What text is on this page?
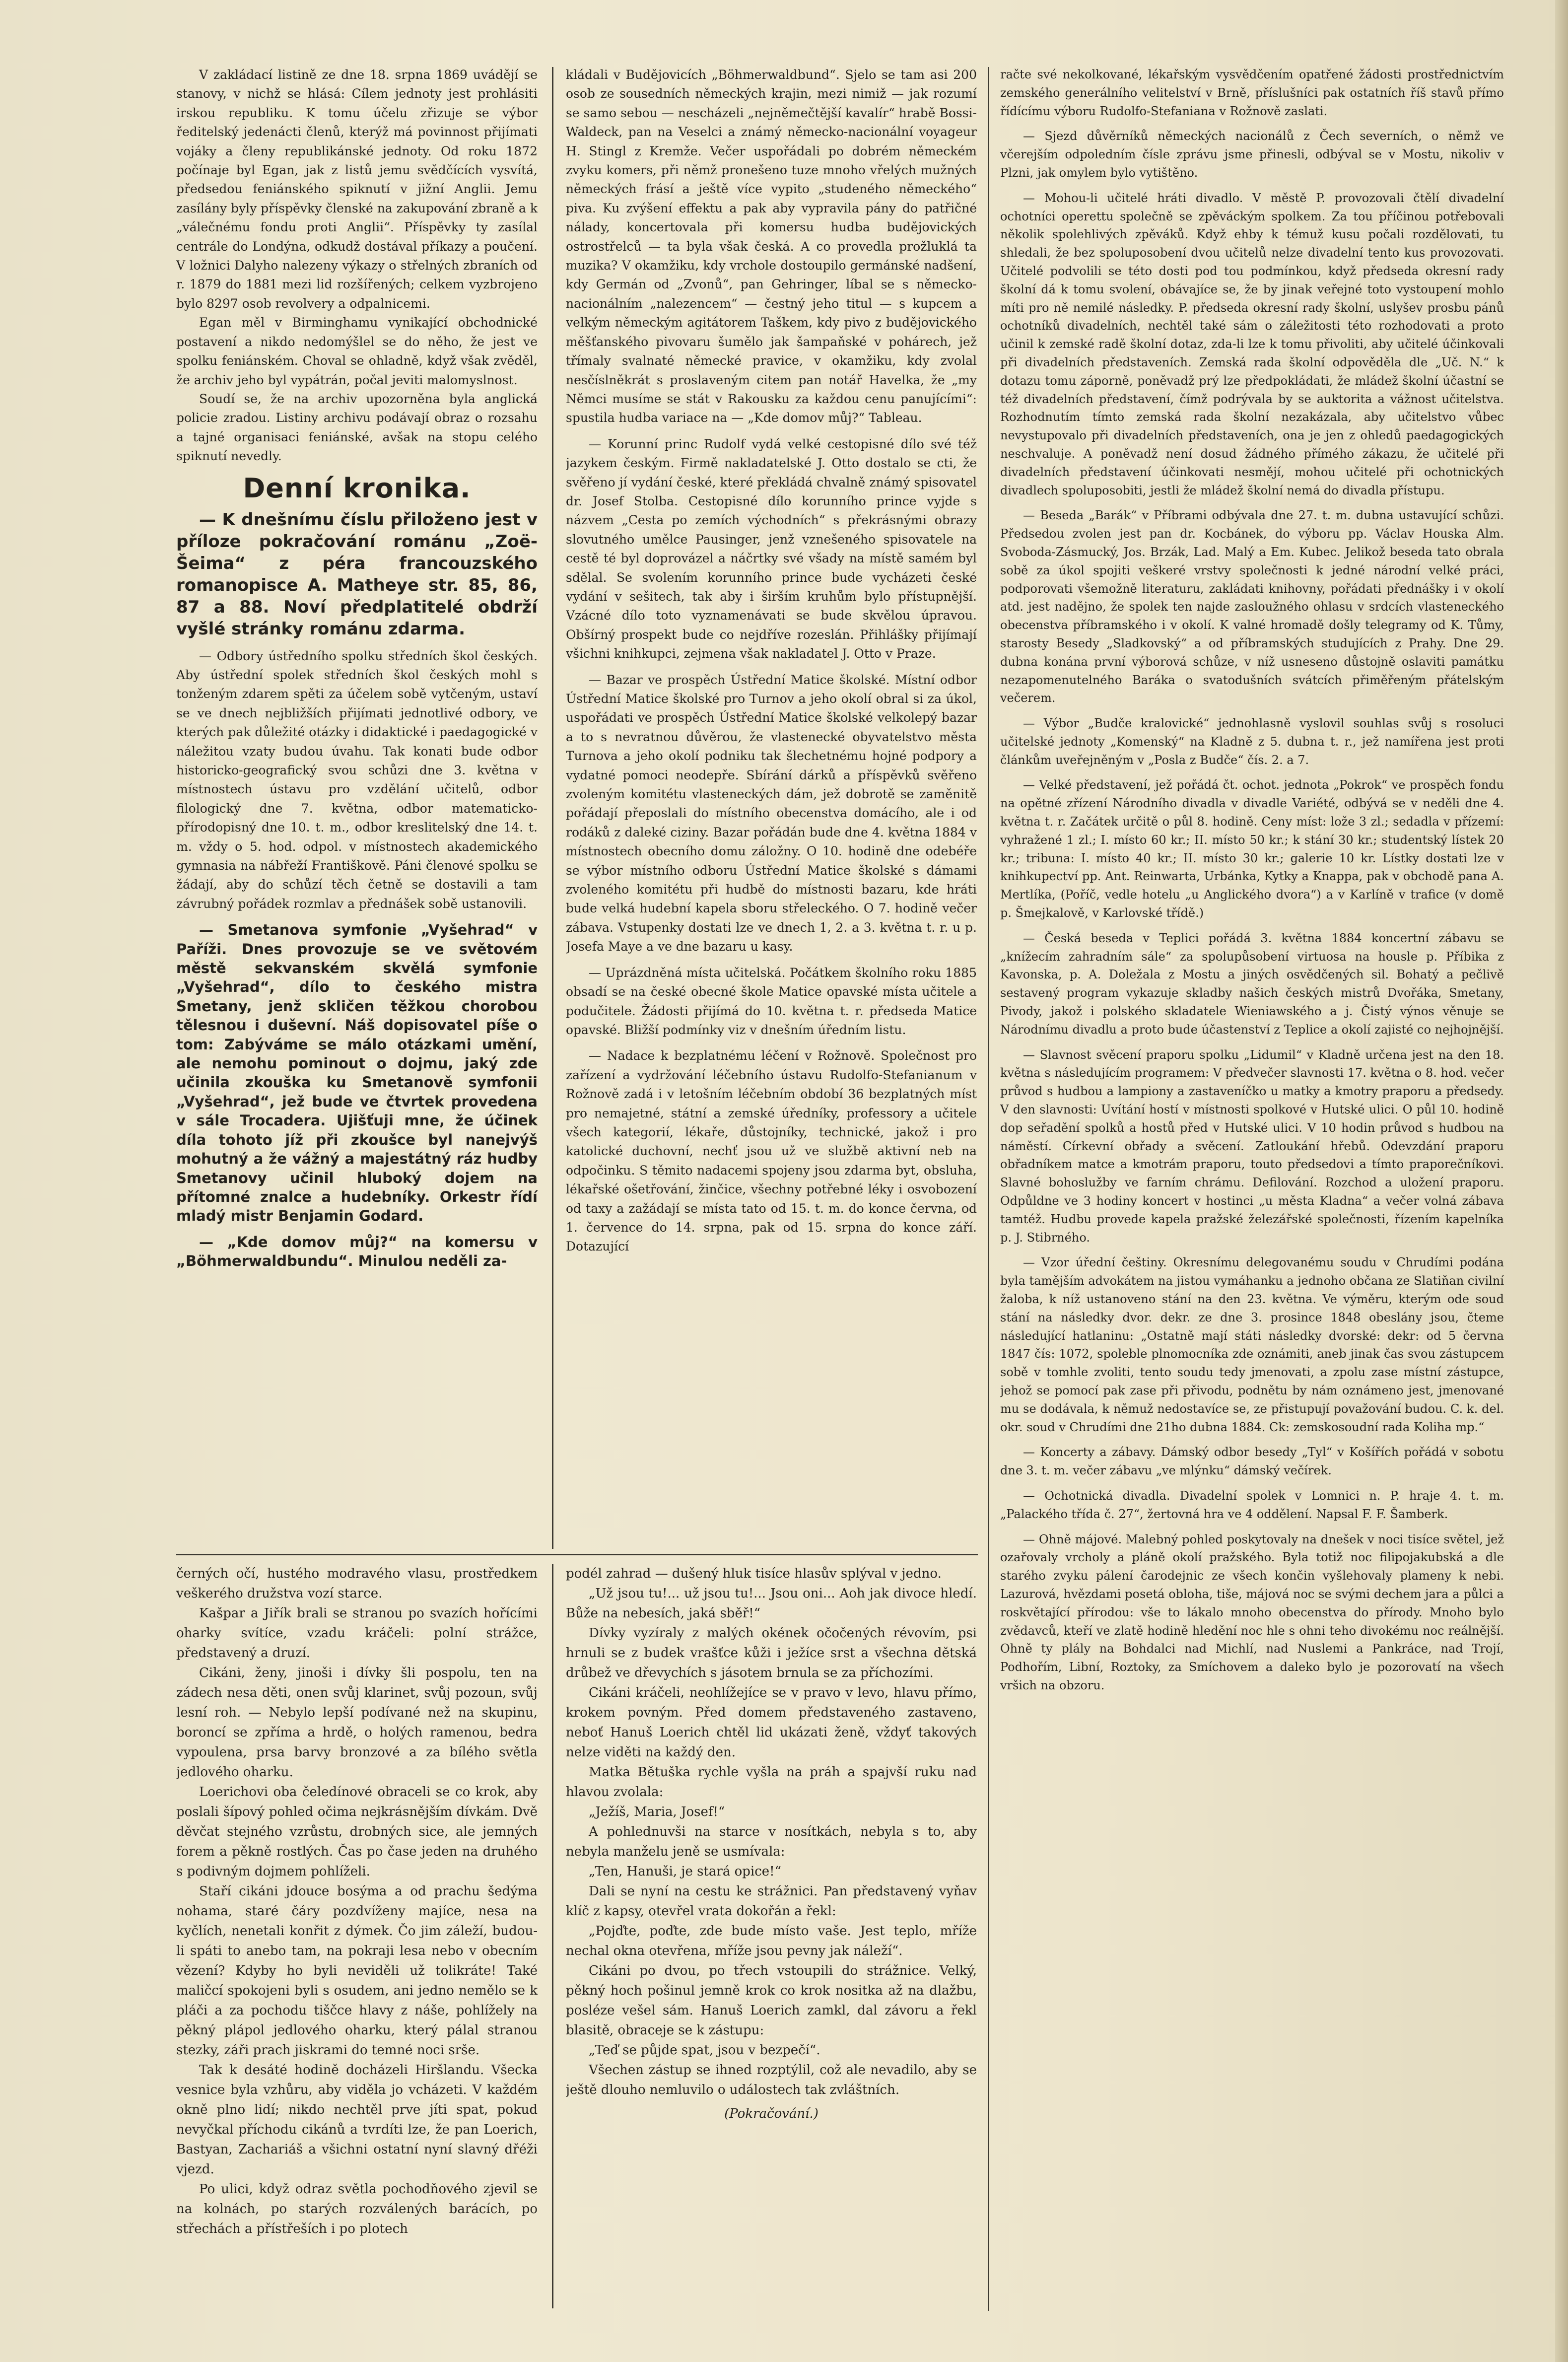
V zakládací listině ze dne 18. srpna 1869 uvádějí se stanovy, v nichž se hlásá: Cílem jednoty jest prohlásiti irskou republiku. K tomu účelu zřizuje se výbor ředitelský jedenácti členů, kterýž má povinnost přijímati vojáky a členy republikánské jednoty. Od roku 1872 počínaje byl Egan, jak z listů jemu svědčících vysvítá, předsedou feniánského spiknutí v jižní Anglii. Jemu zasílány byly příspěvky členské na zakupování zbraně a k „válečnému fondu proti Anglii“. Příspěvky ty zasílal centrále do Londýna, odkudž dostával příkazy a poučení. V ložnici Dalyho nalezeny výkazy o střelných zbraních od r. 1879 do 1881 mezi lid rozšířených; celkem vyzbrojeno bylo 8297 osob revolvery a odpalnicemi.

Egan měl v Birminghamu vynikající obchodnické postavení a nikdo nedomýšlel se do něho, že jest ve spolku feniánském. Choval se ohladně, když však zvěděl, že archiv jeho byl vypátrán, počal jeviti malomyslnost.

Soudí se, že na archiv upozorněna byla anglická policie zradou. Listiny archivu podávají obraz o rozsahu a tajné organisaci feniánské, avšak na stopu celého spiknutí nevedly.

Denní kronika.

— K dnešnímu číslu přiloženo jest v příloze pokračování románu „Zoë-Šeima“ z péra francouzského romanopisce A. Matheye str. 85, 86, 87 a 88. Noví předplatitelé obdrží vyšlé stránky románu zdarma.

— Odbory ústředního spolku středních škol českých. Aby ústřední spolek středních škol českých mohl s tonženým zdarem spěti za účelem sobě vytčeným, ustaví se ve dnech nejbližších přijímati jednotlivé odbory, ve kterých pak důležité otázky i didaktické i paedagogické v náležitou vzaty budou úvahu. Tak konati bude odbor historicko-geografický svou schůzi dne 3. května v místnostech ústavu pro vzdělání učitelů, odbor filologický dne 7. května, odbor matematicko-přírodopisný dne 10. t. m., odbor kreslitelský dne 14. t. m. vždy o 5. hod. odpol. v místnostech akademického gymnasia na nábřeží Františkově. Páni členové spolku se žádají, aby do schůzí těch četně se dostavili a tam závrubný pořádek rozmlav a přednášek sobě ustanovili.

— Smetanova symfonie „Vyšehrad“ v Paříži. Dnes provozuje se ve světovém městě sekvanském skvělá symfonie „Vyšehrad“, dílo to českého mistra Smetany, jenž skličen těžkou chorobou tělesnou i duševní. Náš dopisovatel píše o tom: Zabýváme se málo otázkami umění, ale nemohu pominout o dojmu, jaký zde učinila zkouška ku Smetanově symfonii „Vyšehrad“, jež bude ve čtvrtek provedena v sále Trocadera. Ujišťuji mne, že účinek díla tohoto jíž při zkoušce byl nanejvýš mohutný a že vážný a majestátný ráz hudby Smetanovy učinil hluboký dojem na přítomné znalce a hudebníky. Orkestr řídí mladý mistr Benjamin Godard.

— „Kde domov můj?“ na komersu v „Böhmerwaldbundu“. Minulou neděli za-

kládali v Budějovicích „Böhmerwaldbund“. Sjelo se tam asi 200 osob ze sousedních německých krajin, mezi nimiž — jak rozumí se samo sebou — nescházeli „nejněmečtější kavalír“ hrabě Bossi-Waldeck, pan na Veselci a známý německo-nacionální voyageur H. Stingl z Kremže. Večer uspořádali po dobrém německém zvyku komers, při němž pronešeno tuze mnoho vřelých mužných německých frásí a ještě více vypito „studeného německého“ piva. Ku zvýšení effektu a pak aby vypravila pány do patřičné nálady, koncertovala při komersu hudba budějovických ostrostřelců — ta byla však česká. A co provedla prožluklá ta muzika? V okamžiku, kdy vrchole dostoupilo germánské nadšení, kdy Germán od „Zvonů“, pan Gehringer, líbal se s německo-nacionálním „nalezencem“ — čestný jeho titul — s kupcem a velkým německým agitátorem Taškem, kdy pivo z budějovického měšťanského pivovaru šumělo jak šampaňské v pohárech, jež třímaly svalnaté německé pravice, v okamžiku, kdy zvolal nesčíslněkrát s proslaveným citem pan notář Havelka, že „my Němci musíme se stát v Rakousku za každou cenu panujícími“: spustila hudba variace na — „Kde domov můj?“ Tableau.

— Korunní princ Rudolf vydá velké cestopisné dílo své též jazykem českým. Firmě nakladatelské J. Otto dostalo se cti, že svěřeno jí vydání české, které překládá chvalně známý spisovatel dr. Josef Stolba. Cestopisné dílo korunního prince vyjde s názvem „Cesta po zemích východních“ s překrásnými obrazy slovutného umělce Pausinger, jenž vznešeného spisovatele na cestě té byl doprovázel a náčrtky své všady na místě samém byl sdělal. Se svolením korunního prince bude vycházeti české vydání v sešitech, tak aby i širším kruhům bylo přístupnější. Vzácné dílo toto vyznamenávati se bude skvělou úpravou. Obšírný prospekt bude co nejdříve rozeslán. Přihlášky přijímají všichni knihkupci, zejmena však nakladatel J. Otto v Praze.

— Bazar ve prospěch Ústřední Matice školské. Místní odbor Ústřední Matice školské pro Turnov a jeho okolí obral si za úkol, uspořádati ve prospěch Ústřední Matice školské velkolepý bazar a to s nevratnou důvěrou, že vlastenecké obyvatelstvo města Turnova a jeho okolí podniku tak šlechetnému hojné podpory a vydatné pomoci neodepře. Sbírání dárků a příspěvků svěřeno zvoleným komitétu vlasteneckých dám, jež dobrotě se zaměnitě pořádají přeposlali do místního obecenstva domácího, ale i od rodáků z daleké ciziny. Bazar pořádán bude dne 4. května 1884 v místnostech obecního domu záložny. O 10. hodině dne odebéře se výbor místního odboru Ústřední Matice školské s dámami zvoleného komitétu při hudbě do místnosti bazaru, kde hráti bude velká hudební kapela sboru střeleckého. O 7. hodině večer zábava. Vstupenky dostati lze ve dnech 1, 2. a 3. května t. r. u p. Josefa Maye a ve dne bazaru u kasy.

— Uprázdněná místa učitelská. Počátkem školního roku 1885 obsadí se na české obecné škole Matice opavské místa učitele a podučitele. Žádosti přijímá do 10. května t. r. předseda Matice opavské. Bližší podmínky viz v dnešním úředním listu.

— Nadace k bezplatnému léčení v Rožnově. Společnost pro zařízení a vydržování léčebního ústavu Rudolfo-Stefanianum v Rožnově zadá i v letošním léčebním období 36 bezplatných míst pro nemajetné, státní a zemské úředníky, professory a učitele všech kategorií, lékaře, důstojníky, technické, jakož i pro katolické duchovní, nechť jsou už ve službě aktivní neb na odpočinku. S těmito nadacemi spojeny jsou zdarma byt, obsluha, lékařské ošetřování, žinčice, všechny potřebné léky i osvobození od taxy a zažádají se místa tato od 15. t. m. do konce června, od 1. července do 14. srpna, pak od 15. srpna do konce září. Dotazující

račte své nekolkované, lékařským vysvědčením opatřené žádosti prostřednictvím zemského generálního velitelství v Brně, příslušníci pak ostatních říš stavů přímo řídícímu výboru Rudolfo-Stefaniana v Rožnově zaslati.

— Sjezd důvěrníků německých nacionálů z Čech severních, o němž ve včerejším odpoledním čísle zprávu jsme přinesli, odbýval se v Mostu, nikoliv v Plzni, jak omylem bylo vytištěno.

— Mohou-li učitelé hráti divadlo. V městě P. provozovali čtělí divadelní ochotníci operettu společně se zpěváckým spolkem. Za tou příčinou potřebovali několik spolehlivých zpěváků. Když ehby k témuž kusu počali rozdělovati, tu shledali, že bez spoluposobení dvou učitelů nelze divadelní tento kus provozovati. Učitelé podvolili se této dosti pod tou podmínkou, když předseda okresní rady školní dá k tomu svolení, obávajíce se, že by jinak veřejné toto vystoupení mohlo míti pro ně nemilé následky. P. předseda okresní rady školní, uslyšev prosbu pánů ochotníků divadelních, nechtěl také sám o záležitosti této rozhodovati a proto učinil k zemské radě školní dotaz, zda-li lze k tomu přivoliti, aby učitelé účinkovali při divadelních představeních. Zemská rada školní odpověděla dle „Uč. N.“ k dotazu tomu záporně, poněvadž prý lze předpokládati, že mládež školní účastní se též divadelních představení, čímž podrývala by se auktorita a vážnost učitelstva. Rozhodnutím tímto zemská rada školní nezakázala, aby učitelstvo vůbec nevystupovalo při divadelních představeních, ona je jen z ohledů paedagogických neschvaluje. A poněvadž není dosud žádného přímého zákazu, že učitelé při divadelních představení účinkovati nesmějí, mohou učitelé při ochotnických divadlech spoluposobiti, jestli že mládež školní nemá do divadla přístupu.

— Beseda „Barák“ v Příbrami odbývala dne 27. t. m. dubna ustavující schůzi. Předsedou zvolen jest pan dr. Kocbánek, do výboru pp. Václav Houska Alm. Svoboda-Zásmucký, Jos. Brzák, Lad. Malý a Em. Kubec. Jelikož beseda tato obrala sobě za úkol spojiti veškeré vrstvy společnosti k jedné národní velké práci, podporovati všemožně literaturu, zakládati knihovny, pořádati přednášky i v okolí atd. jest nadějno, že spolek ten najde zasloužného ohlasu v srdcích vlasteneckého obecenstva příbramského i v okolí. K valné hromadě došly telegramy od K. Tůmy, starosty Besedy „Sladkovský“ a od příbramských studujících z Prahy. Dne 29. dubna konána první výborová schůze, v níž usneseno důstojně oslaviti památku nezapomenutelného Baráka o svatodušních svátcích přiměřeným přátelským večerem.

— Výbor „Budče kralovické“ jednohlasně vyslovil souhlas svůj s rosoluci učitelské jednoty „Komenský“ na Kladně z 5. dubna t. r., jež namířena jest proti článkům uveřejněným v „Posla z Budče“ čís. 2. a 7.

— Velké představení, jež pořádá čt. ochot. jednota „Pokrok“ ve prospěch fondu na opětné zřízení Národního divadla v divadle Variété, odbývá se v neděli dne 4. května t. r. Začátek určitě o půl 8. hodině. Ceny míst: lože 3 zl.; sedadla v přízemí: vyhražené 1 zl.; I. místo 60 kr.; II. místo 50 kr.; k stání 30 kr.; studentský lístek 20 kr.; tribuna: I. místo 40 kr.; II. místo 30 kr.; galerie 10 kr. Lístky dostati lze v knihkupectví pp. Ant. Reinwarta, Urbánka, Kytky a Knappa, pak v obchodě pana A. Mertlíka, (Poříč, vedle hotelu „u Anglického dvora“) a v Karlíně v trafice (v domě p. Šmejkalově, v Karlovské třídě.)

— Česká beseda v Teplici pořádá 3. května 1884 koncertní zábavu se „knížecím zahradním sále“ za spolupůsobení virtuosa na housle p. Příbika z Kavonska, p. A. Doležala z Mostu a jiných osvědčených sil. Bohatý a pečlivě sestavený program vykazuje skladby našich českých mistrů Dvořáka, Smetany, Pivody, jakož i polského skladatele Wieniawského a j. Čistý výnos věnuje se Národnímu divadlu a proto bude účastenství z Teplice a okolí zajisté co nejhojnější.

— Slavnost svěcení praporu spolku „Lidumil“ v Kladně určena jest na den 18. května s následujícím programem: V předvečer slavnosti 17. května o 8. hod. večer průvod s hudbou a lampiony a zastaveníčko u matky a kmotry praporu a předsedy. V den slavnosti: Uvítání hostí v místnosti spolkové v Hutské ulici. O půl 10. hodině dop seřadění spolků a hostů před v Hutské ulici. V 10 hodin průvod s hudbou na náměstí. Církevní obřady a svěcení. Zatloukání hřebů. Odevzdání praporu obřadníkem matce a kmotrám praporu, touto předsedovi a tímto praporečníkovi. Slavné bohoslužby ve farním chrámu. Defilování. Rozchod a uložení praporu. Odpůldne ve 3 hodiny koncert v hostinci „u města Kladna“ a večer volná zábava tamtéž. Hudbu provede kapela pražské železářské společnosti, řízením kapelníka p. J. Stibrného.

— Vzor úřední češtiny. Okresnímu delegovanému soudu v Chrudími podána byla tamějším advokátem na jistou vymáhanku a jednoho občana ze Slatiňan civilní žaloba, k níž ustanoveno stání na den 23. května. Ve výměru, kterým ode soud stání na následky dvor. dekr. ze dne 3. prosince 1848 obeslány jsou, čteme následující hatlaninu: „Ostatně mají státi následky dvorské: dekr: od 5 června 1847 čís: 1072, spoleble plnomocníka zde oznámiti, aneb jinak čas svou zástupcem sobě v tomhle zvoliti, tento soudu tedy jmenovati, a zpolu zase místní zástupce, jehož se pomocí pak zase při přivodu, podnětu by nám oznámeno jest, jmenované mu se dodávala, k němuž nedostavíce se, ze přistupují považování budou. C. k. del. okr. soud v Chrudími dne 21ho dubna 1884. Ck: zemskosoudní rada Koliha mp.“

— Koncerty a zábavy. Dámský odbor besedy „Tyl“ v Košířích pořádá v sobotu dne 3. t. m. večer zábavu „ve mlýnku“ dámský večírek.

— Ochotnická divadla. Divadelní spolek v Lomnici n. P. hraje 4. t. m. „Palackého třída č. 27“, žertovná hra ve 4 oddělení. Napsal F. F. Šamberk.

— Ohně májové. Malebný pohled poskytovaly na dnešek v noci tisíce světel, jež ozařovaly vrcholy a pláně okolí pražského. Byla totiž noc filipojakubská a dle starého zvyku pálení čarodejnic ze všech končin vyšlehovaly plameny k nebi. Lazurová, hvězdami posetá obloha, tiše, májová noc se svými dechem jara a půlci a roskvětající přírodou: vše to lákalo mnoho obecenstva do přírody. Mnoho bylo zvědavců, kteří ve zlatě hodině hledění noc hle s ohni teho divokému noc reálnější. Ohně ty plály na Bohdalci nad Michlí, nad Nuslemi a Pankráce, nad Trojí, Podhořím, Libní, Roztoky, za Smíchovem a daleko bylo je pozorovatí na všech vršich na obzoru.

černých očí, hustého modravého vlasu, prostředkem veškerého družstva vozí starce.

Kašpar a Jiřík brali se stranou po svazích hořícími oharky svítíce, vzadu kráčeli: polní strážce, představený a druzí.

Cikáni, ženy, jinoši i dívky šli pospolu, ten na zádech nesa děti, onen svůj klarinet, svůj pozoun, svůj lesní roh. — Nebylo lepší podívané než na skupinu, boroncí se zpříma a hrdě, o holých ramenou, bedra vypoulena, prsa barvy bronzové a za bílého světla jedlového oharku.

Loerichovi oba čeledínové obraceli se co krok, aby poslali šípový pohled očima nejkrásnějším dívkám. Dvě děvčat stejného vzrůstu, drobných sice, ale jemných forem a pěkně rostlých. Čas po čase jeden na druhého s podivným dojmem pohlíželi.

Staří cikáni jdouce bosýma a od prachu šedýma nohama, staré čáry pozdvíženy majíce, nesa na kyčlích, nenetali konřit z dýmek. Čo jim záleží, budou-li spáti to anebo tam, na pokraji lesa nebo v obecním vězení? Kdyby ho byli neviděli už tolikráte! Také maličcí spokojeni byli s osudem, ani jedno nemělo se k pláči a za pochodu tiščce hlavy z náše, pohlížely na pěkný plápol jedlového oharku, který pálal stranou stezky, záři prach jiskrami do temné noci srše.

Tak k desáté hodině docházeli Hiršlandu. Všecka vesnice byla vzhůru, aby viděla jo vcházeti. V každém okně plno lidí; nikdo nechtěl prve jíti spat, pokud nevyčkal příchodu cikánů a tvrdíti lze, že pan Loerich, Bastyan, Zachariáš a všichni ostatní nyní slavný dřéži vjezd.

Po ulici, když odraz světla pochodňového zjevil se na kolnách, po starých rozválených barácích, po střechách a přístřeších i po plotech

podél zahrad — dušený hluk tisíce hlasův splýval v jedno.

„Už jsou tu!... už jsou tu!... Jsou oni... Aoh jak divoce hledí. Bůže na nebesích, jaká sběř!“

Dívky vyzíraly z malých okének očočených révovím, psi hrnuli se z budek vrašťce kůži i ježíce srst a všechna dětská drůbež ve dřevychích s jásotem brnula se za příchozími.

Cikáni kráčeli, neohlížejíce se v pravo v levo, hlavu přímo, krokem povným. Před domem představeného zastaveno, neboť Hanuš Loerich chtěl lid ukázati ženě, vždyť takových nelze viděti na každý den.

Matka Bětuška rychle vyšla na práh a spajvší ruku nad hlavou zvolala:

„Ježíš, Maria, Josef!“

A pohlednuvši na starce v nosítkách, nebyla s to, aby nebyla manželu jeně se usmívala:

„Ten, Hanuši, je stará opice!“

Dali se nyní na cestu ke strážnici. Pan představený vyňav klíč z kapsy, otevřel vrata dokořán a řekl:

„Pojďte, poďte, zde bude místo vaše. Jest teplo, mříže nechal okna otevřena, mříže jsou pevny jak náleží“.

Cikáni po dvou, po třech vstoupili do strážnice. Velký, pěkný hoch pošinul jemně krok co krok nositka až na dlažbu, posléze vešel sám. Hanuš Loerich zamkl, dal závoru a řekl blasitě, obraceje se k zástupu:

„Teď se půjde spat, jsou v bezpečí“.

Všechen zástup se ihned rozptýlil, což ale nevadilo, aby se ještě dlouho nemluvilo o událostech tak zvláštních.

(Pokračování.)
